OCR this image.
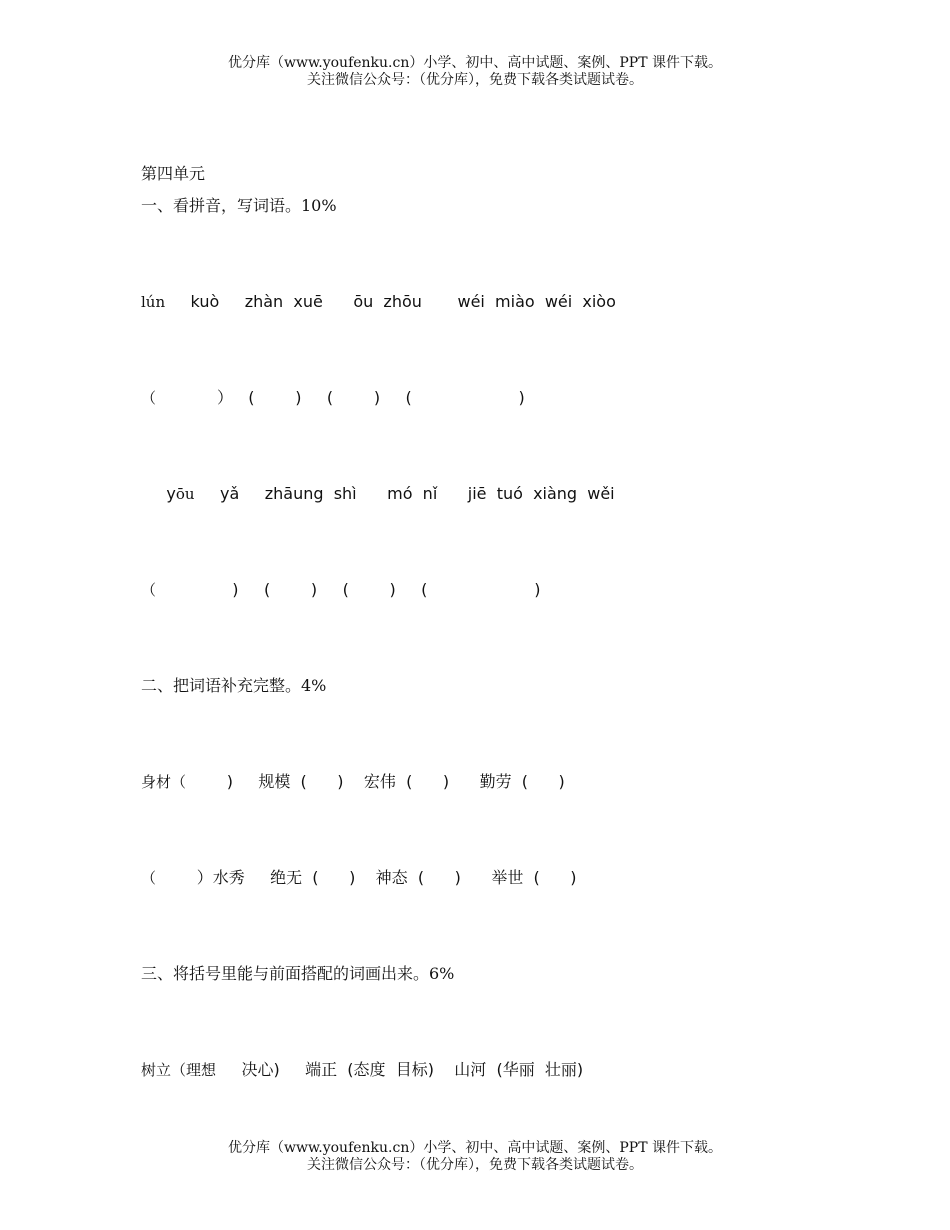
优分库（www.youfenku.cn）小学、初中、高中试题、案例、PPT 课件下载。
关注微信公众号：（优分库），免费下载各类试题试卷。
第四单元
一、看拼音，写词语。10%
lún     kuò     zhàn  xuē      ōu  zhōu       wéi  miào  wéi  xiòo
（            ）   (        )     (        )     (                     )
yōu     yǎ     zhāung  shì      mó  nǐ      jiē  tuó  xiàng  wěi
（               )     (        )     (        )     (                     )
二、把词语补充完整。4%
身材（        )     规模  (      )    宏伟  (      )      勤劳  (      )
（        ）水秀     绝无  (      )    神态  (      )      举世  (      )
三、将括号里能与前面搭配的词画出来。6%
树立（理想     决心)     端正  (态度  目标)    山河  (华丽  壮丽)
优分库（www.youfenku.cn）小学、初中、高中试题、案例、PPT 课件下载。
关注微信公众号：（优分库），免费下载各类试题试卷。
